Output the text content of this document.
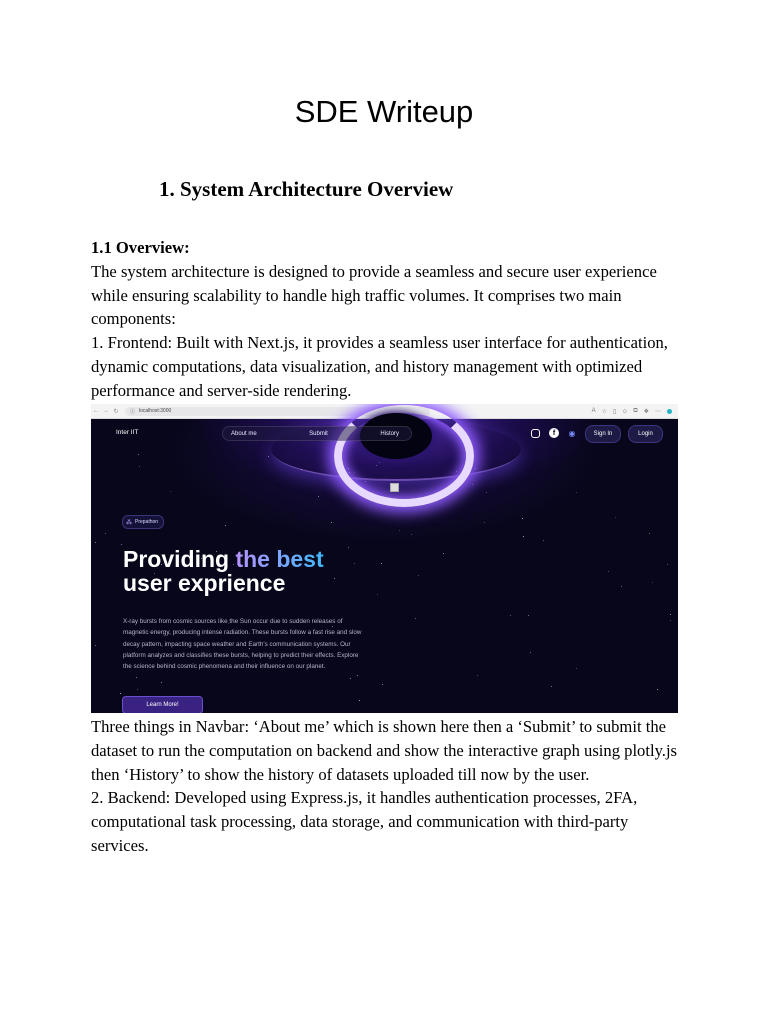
SDE Writeup
1. System Architecture Overview

1.1 Overview:

The system architecture is designed to provide a seamless and secure user experience while ensuring scalability to handle high traffic volumes. It comprises two main components:

1. Frontend: Built with Next.js, it provides a seamless user interface for authentication, dynamic computations, data visualization, and history management with optimized performance and server-side rendering.

← → ↻	ⓘ localhost:3000	A ☆ ▯ ✩ ⧉ ❖ ⋯
Inter IIT	About me	Submit	History	f	◉	Sign In	Login
⁂ Prepathon
Providing the best
user exprience

X-ray bursts from cosmic sources like the Sun occur due to sudden releases of magnetic energy, producing intense radiation. These bursts follow a fast rise and slow decay pattern, impacting space weather and Earth's communication systems. Our platform analyzes and classifies these bursts, helping to predict their effects. Explore the science behind cosmic phenomena and their influence on our planet.

Learn More!

Three things in Navbar: ‘About me’ which is shown here then a ‘Submit’ to submit the dataset to run the computation on backend and show the interactive graph using plotly.js then ‘History’ to show the history of datasets uploaded till now by the user.

2. Backend: Developed using Express.js, it handles authentication processes, 2FA, computational task processing, data storage, and communication with third-party services.
